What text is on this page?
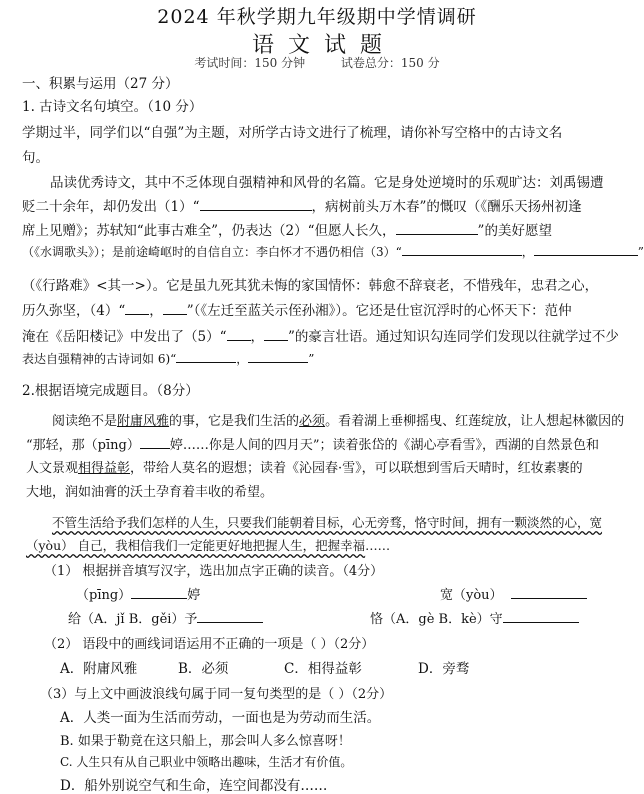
2024 年秋学期九年级期中学情调研
语文试题
考试时间：150 分钟	试卷总分：150 分
一、积累与运用（27 分）
1. 古诗文名句填空。（10 分）
学期过半，同学们以“自强”为主题，对所学古诗文进行了梳理，请你补写空格中的古诗文名
句。
品读优秀诗文，其中不乏体现自强精神和风骨的名篇。它是身处逆境时的乐观旷达：刘禹锡遭
贬二十余年，却仍发出（1）“	，病树前头万木春”的慨叹（《酬乐天扬州初逢
席上见赠》；苏轼知“此事古难全”，仍表达（2）“但愿人长久，	”的美好愿望
（《水调歌头》）；是前途崎岖时的自信自立：李白怀才不遇仍相信（3）“	，	”
（《行路难》<其一>）。它是虽九死其犹未悔的家国情怀：韩愈不辞衰老，不惜残年，忠君之心，
历久弥坚，（4）“ ， ”（《左迁至蓝关示侄孙湘》）。它还是仕宦沉浮时的心怀天下：范仲
淹在《岳阳楼记》中发出了（5）“ ， ”的豪言壮语。通过知识勾连同学们发现以往就学过不少
表达自强精神的古诗词如 6)“	，	”
2.根据语境完成题目。（8分）
阅读绝不是附庸风雅的事，它是我们生活的必须。看着湖上垂柳摇曳、红莲绽放，让人想起林徽因的
“那轻，那（pīng） 婷……你是人间的四月天”；读着张岱的《湖心亭看雪》，西湖的自然景色和
人文景观相得益彰，带给人莫名的遐想；读着《沁园春·雪》，可以联想到雪后天晴时，红妆素裹的
大地，润如油膏的沃土孕育着丰收的希望。
不管生活给予我们怎样的人生，只要我们能朝着目标，心无旁骛，恪守时间，拥有一颗淡然的心，宽
（yòu） 自己，我相信我们一定能更好地把握人生，把握幸福……
（1） 根据拼音填写汉字，选出加点字正确的读音。（4分）
（pīng）	婷	宽（yòu）
给（A．jǐ B．gěi）予	恪（A．gè B．kè）守
（2） 语段中的画线词语运用不正确的一项是（ ）（2分）
A．附庸风雅	B．必须	C．相得益彰	D．旁骛
（3）与上文中画波浪线句属于同一复句类型的是（ ）（2分）
A．人类一面为生活而劳动，一面也是为劳动而生活。
B. 如果于勒竟在这只船上，那会叫人多么惊喜呀！
C. 人生只有从自己职业中领略出趣味，生活才有价值。
D．船外别说空气和生命，连空间都没有……
